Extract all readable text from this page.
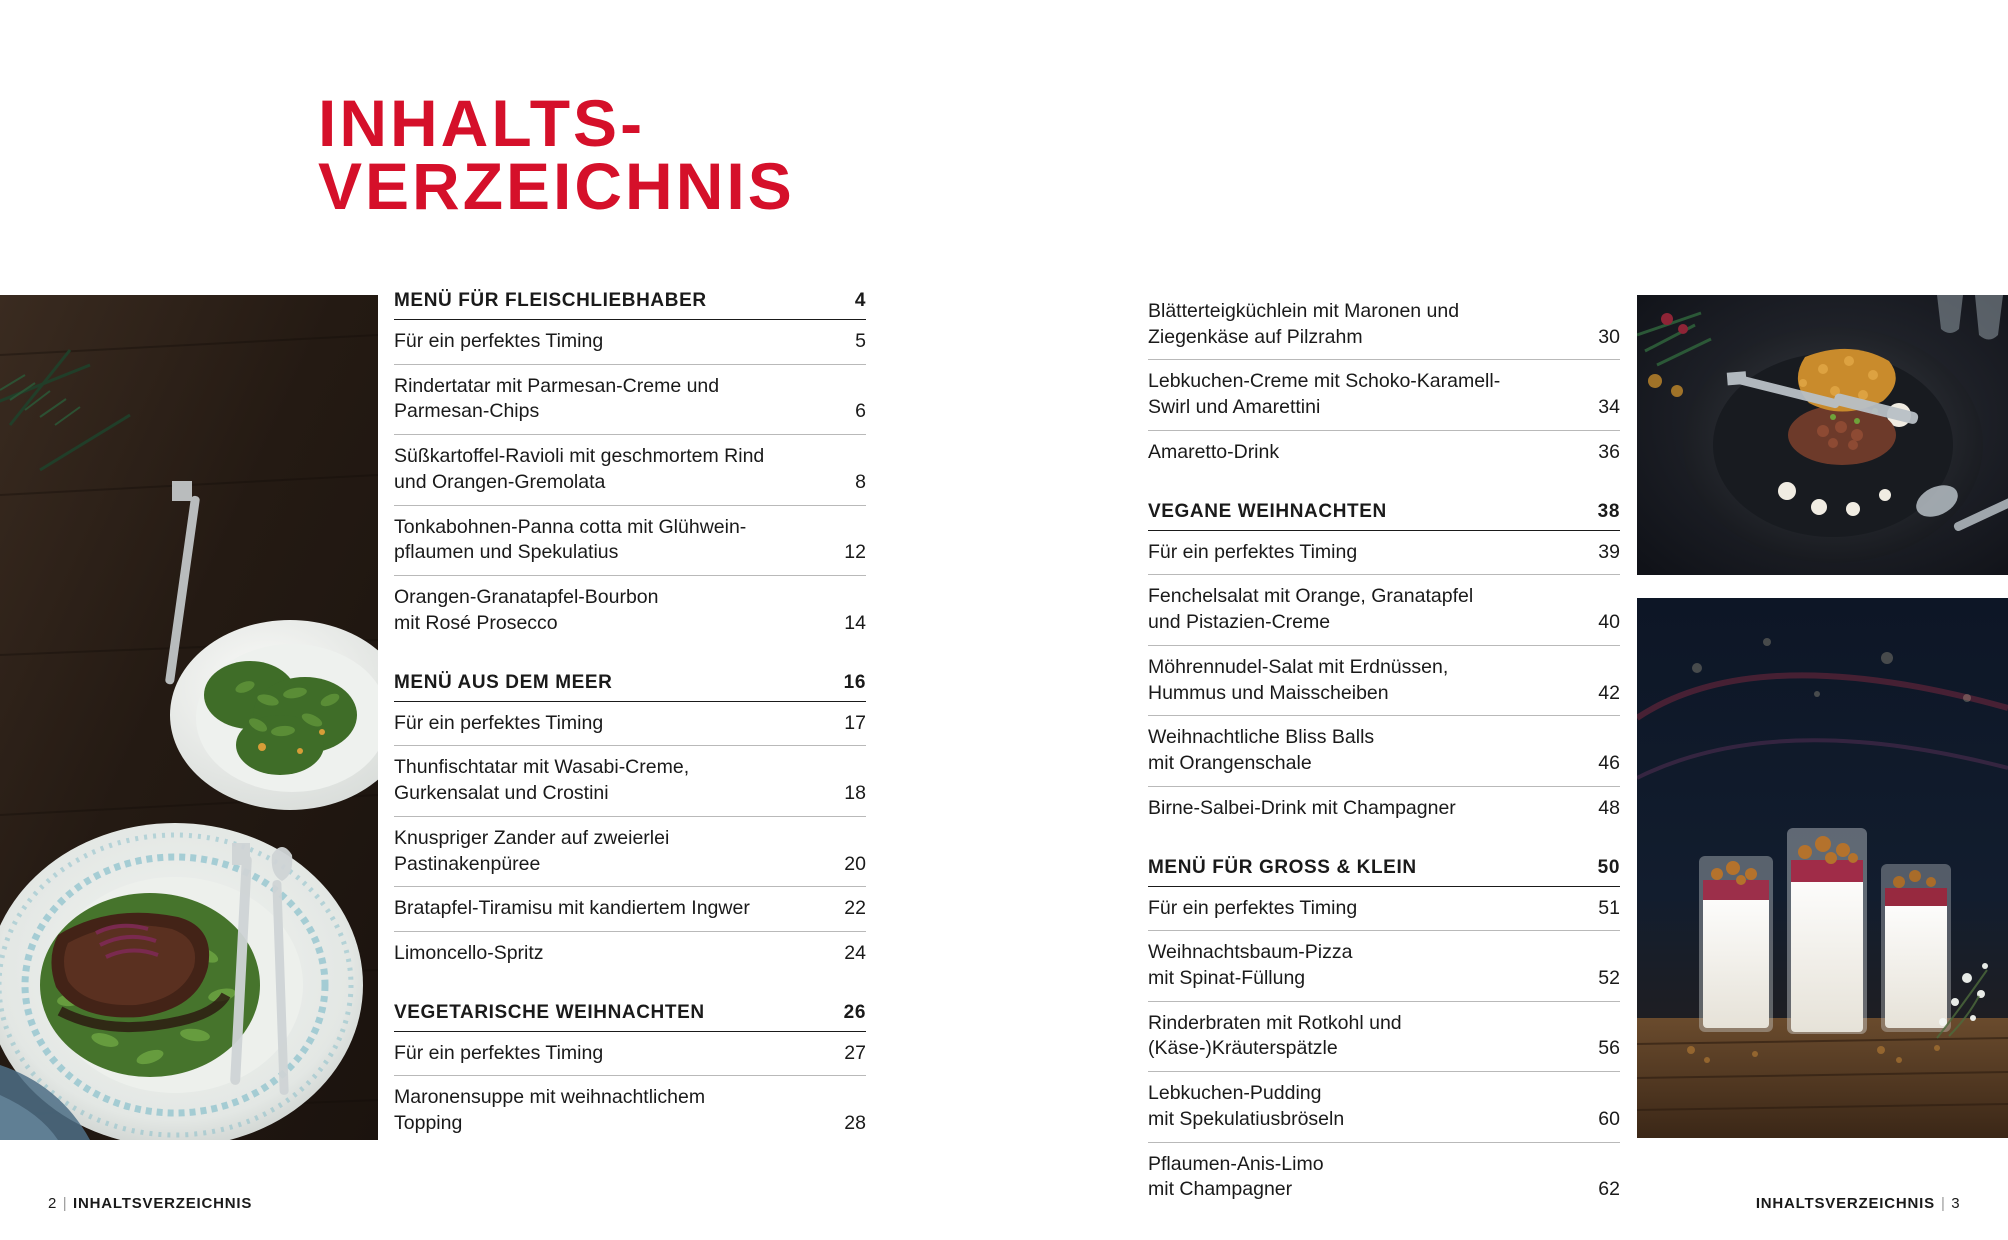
INHALTS-
VERZEICHNIS
MENÜ FÜR FLEISCHLIEBHABER	4
Für ein perfektes Timing	5
Rindertatar mit Parmesan-Creme und
Parmesan-Chips	6
Süßkartoffel-Ravioli mit geschmortem Rind
und Orangen-Gremolata	8
Tonkabohnen-Panna cotta mit Glühwein-
pflaumen und Spekulatius	12
Orangen-Granatapfel-Bourbon
mit Rosé Prosecco	14
MENÜ AUS DEM MEER	16
Für ein perfektes Timing	17
Thunfischtatar mit Wasabi-Creme,
Gurkensalat und Crostini	18
Knuspriger Zander auf zweierlei
Pastinakenpüree	20
Bratapfel-Tiramisu mit kandiertem Ingwer	22
Limoncello-Spritz	24
VEGETARISCHE WEIHNACHTEN	26
Für ein perfektes Timing	27
Maronensuppe mit weihnachtlichem
Topping	28
Blätterteigküchlein mit Maronen und
Ziegenkäse auf Pilzrahm	30
Lebkuchen-Creme mit Schoko-Karamell-
Swirl und Amarettini	34
Amaretto-Drink	36
VEGANE WEIHNACHTEN	38
Für ein perfektes Timing	39
Fenchelsalat mit Orange, Granatapfel
und Pistazien-Creme	40
Möhrennudel-Salat mit Erdnüssen,
Hummus und Maisscheiben	42
Weihnachtliche Bliss Balls
mit Orangenschale	46
Birne-Salbei-Drink mit Champagner	48
MENÜ FÜR GROSS & KLEIN	50
Für ein perfektes Timing	51
Weihnachtsbaum-Pizza
mit Spinat-Füllung	52
Rinderbraten mit Rotkohl und
(Käse-)Kräuterspätzle	56
Lebkuchen-Pudding
mit Spekulatiusbröseln	60
Pflaumen-Anis-Limo
mit Champagner	62
2 | INHALTSVERZEICHNIS	INHALTSVERZEICHNIS | 3
